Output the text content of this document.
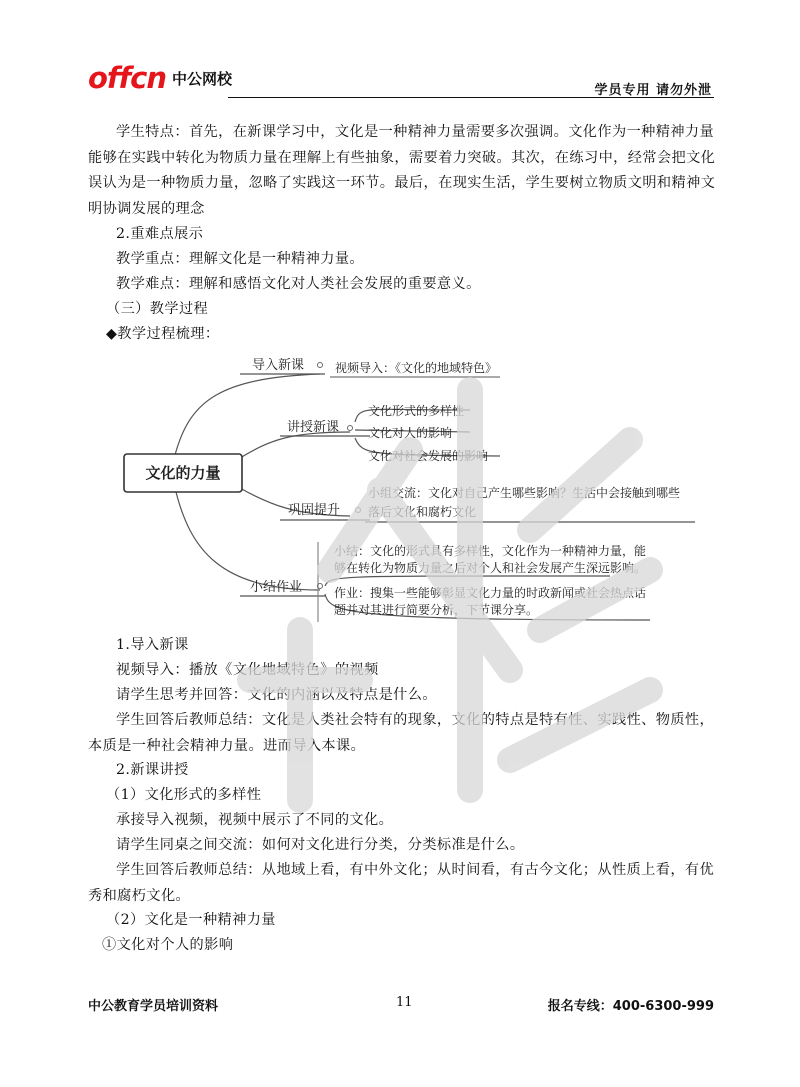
offcn 中公网校
学员专用 请勿外泄
学生特点：首先，在新课学习中，文化是一种精神力量需要多次强调。文化作为一种精神力量能够在实践中转化为物质力量在理解上有些抽象，需要着力突破。其次，在练习中，经常会把文化误认为是一种物质力量，忽略了实践这一环节。最后，在现实生活，学生要树立物质文明和精神文明协调发展的理念
2.重难点展示
教学重点：理解文化是一种精神力量。
教学难点：理解和感悟文化对人类社会发展的重要意义。
（三）教学过程
◆教学过程梳理：
文化的力量
导入新课
讲授新课
巩固提升
小结作业
视频导入：《文化的地域特色》
文化形式的多样性
文化对人的影响
文化对社会发展的影响
小组交流：文化对自己产生哪些影响？生活中会接触到哪些
落后文化和腐朽文化
小结：文化的形式具有多样性，文化作为一种精神力量，能
够在转化为物质力量之后对个人和社会发展产生深远影响。
作业：搜集一些能够彰显文化力量的时政新闻或社会热点话
题并对其进行简要分析，下节课分享。
1.导入新课
视频导入：播放《文化地域特色》的视频
请学生思考并回答：文化的内涵以及特点是什么。
学生回答后教师总结：文化是人类社会特有的现象，文化的特点是特有性、实践性、物质性，本质是一种社会精神力量。进而导入本课。
2.新课讲授
（1）文化形式的多样性
承接导入视频，视频中展示了不同的文化。
请学生同桌之间交流：如何对文化进行分类，分类标准是什么。
学生回答后教师总结：从地域上看，有中外文化；从时间看，有古今文化；从性质上看，有优秀和腐朽文化。
（2）文化是一种精神力量
①文化对个人的影响
中公教育学员培训资料	11	报名专线：400-6300-999
